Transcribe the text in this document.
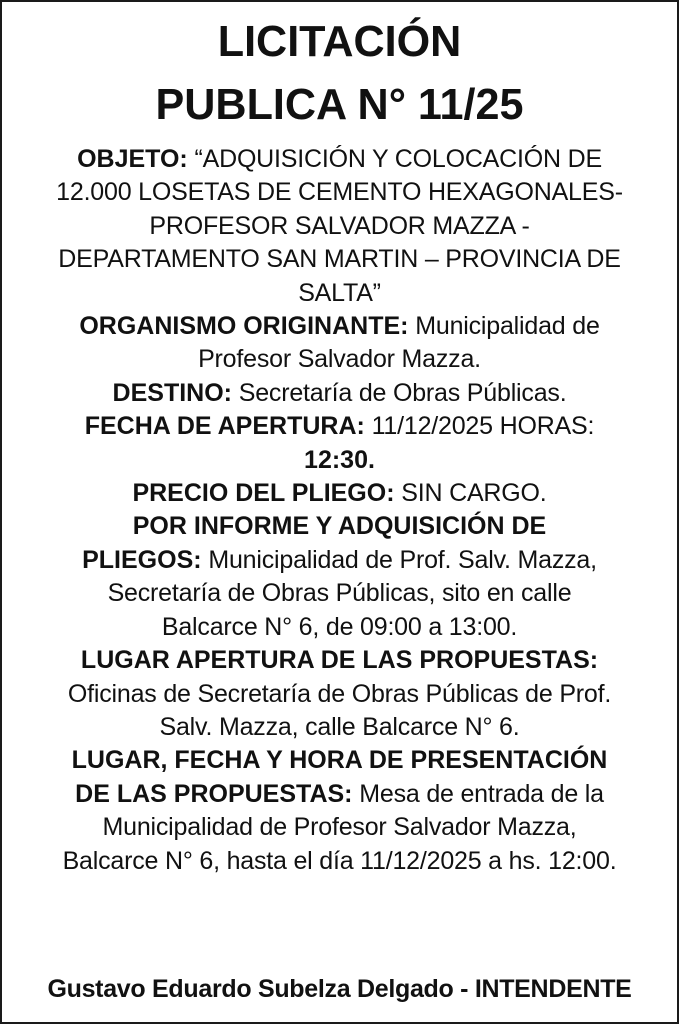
LICITACIÓN
PUBLICA N° 11/25

OBJETO: “ADQUISICIÓN Y COLOCACIÓN DE

12.000 LOSETAS DE CEMENTO HEXAGONALES-

PROFESOR SALVADOR MAZZA -

DEPARTAMENTO SAN MARTIN – PROVINCIA DE

SALTA”

ORGANISMO ORIGINANTE: Municipalidad de

Profesor Salvador Mazza.

DESTINO: Secretaría de Obras Públicas.

FECHA DE APERTURA: 11/12/2025 HORAS:

12:30.

PRECIO DEL PLIEGO: SIN CARGO.

POR INFORME Y ADQUISICIÓN DE

PLIEGOS: Municipalidad de Prof. Salv. Mazza,

Secretaría de Obras Públicas, sito en calle

Balcarce N° 6, de 09:00 a 13:00.

LUGAR APERTURA DE LAS PROPUESTAS:

Oficinas de Secretaría de Obras Públicas de Prof.

Salv. Mazza, calle Balcarce N° 6.

LUGAR, FECHA Y HORA DE PRESENTACIÓN

DE LAS PROPUESTAS: Mesa de entrada de la

Municipalidad de Profesor Salvador Mazza,

Balcarce N° 6, hasta el día 11/12/2025 a hs. 12:00.

Gustavo Eduardo Subelza Delgado - INTENDENTE
